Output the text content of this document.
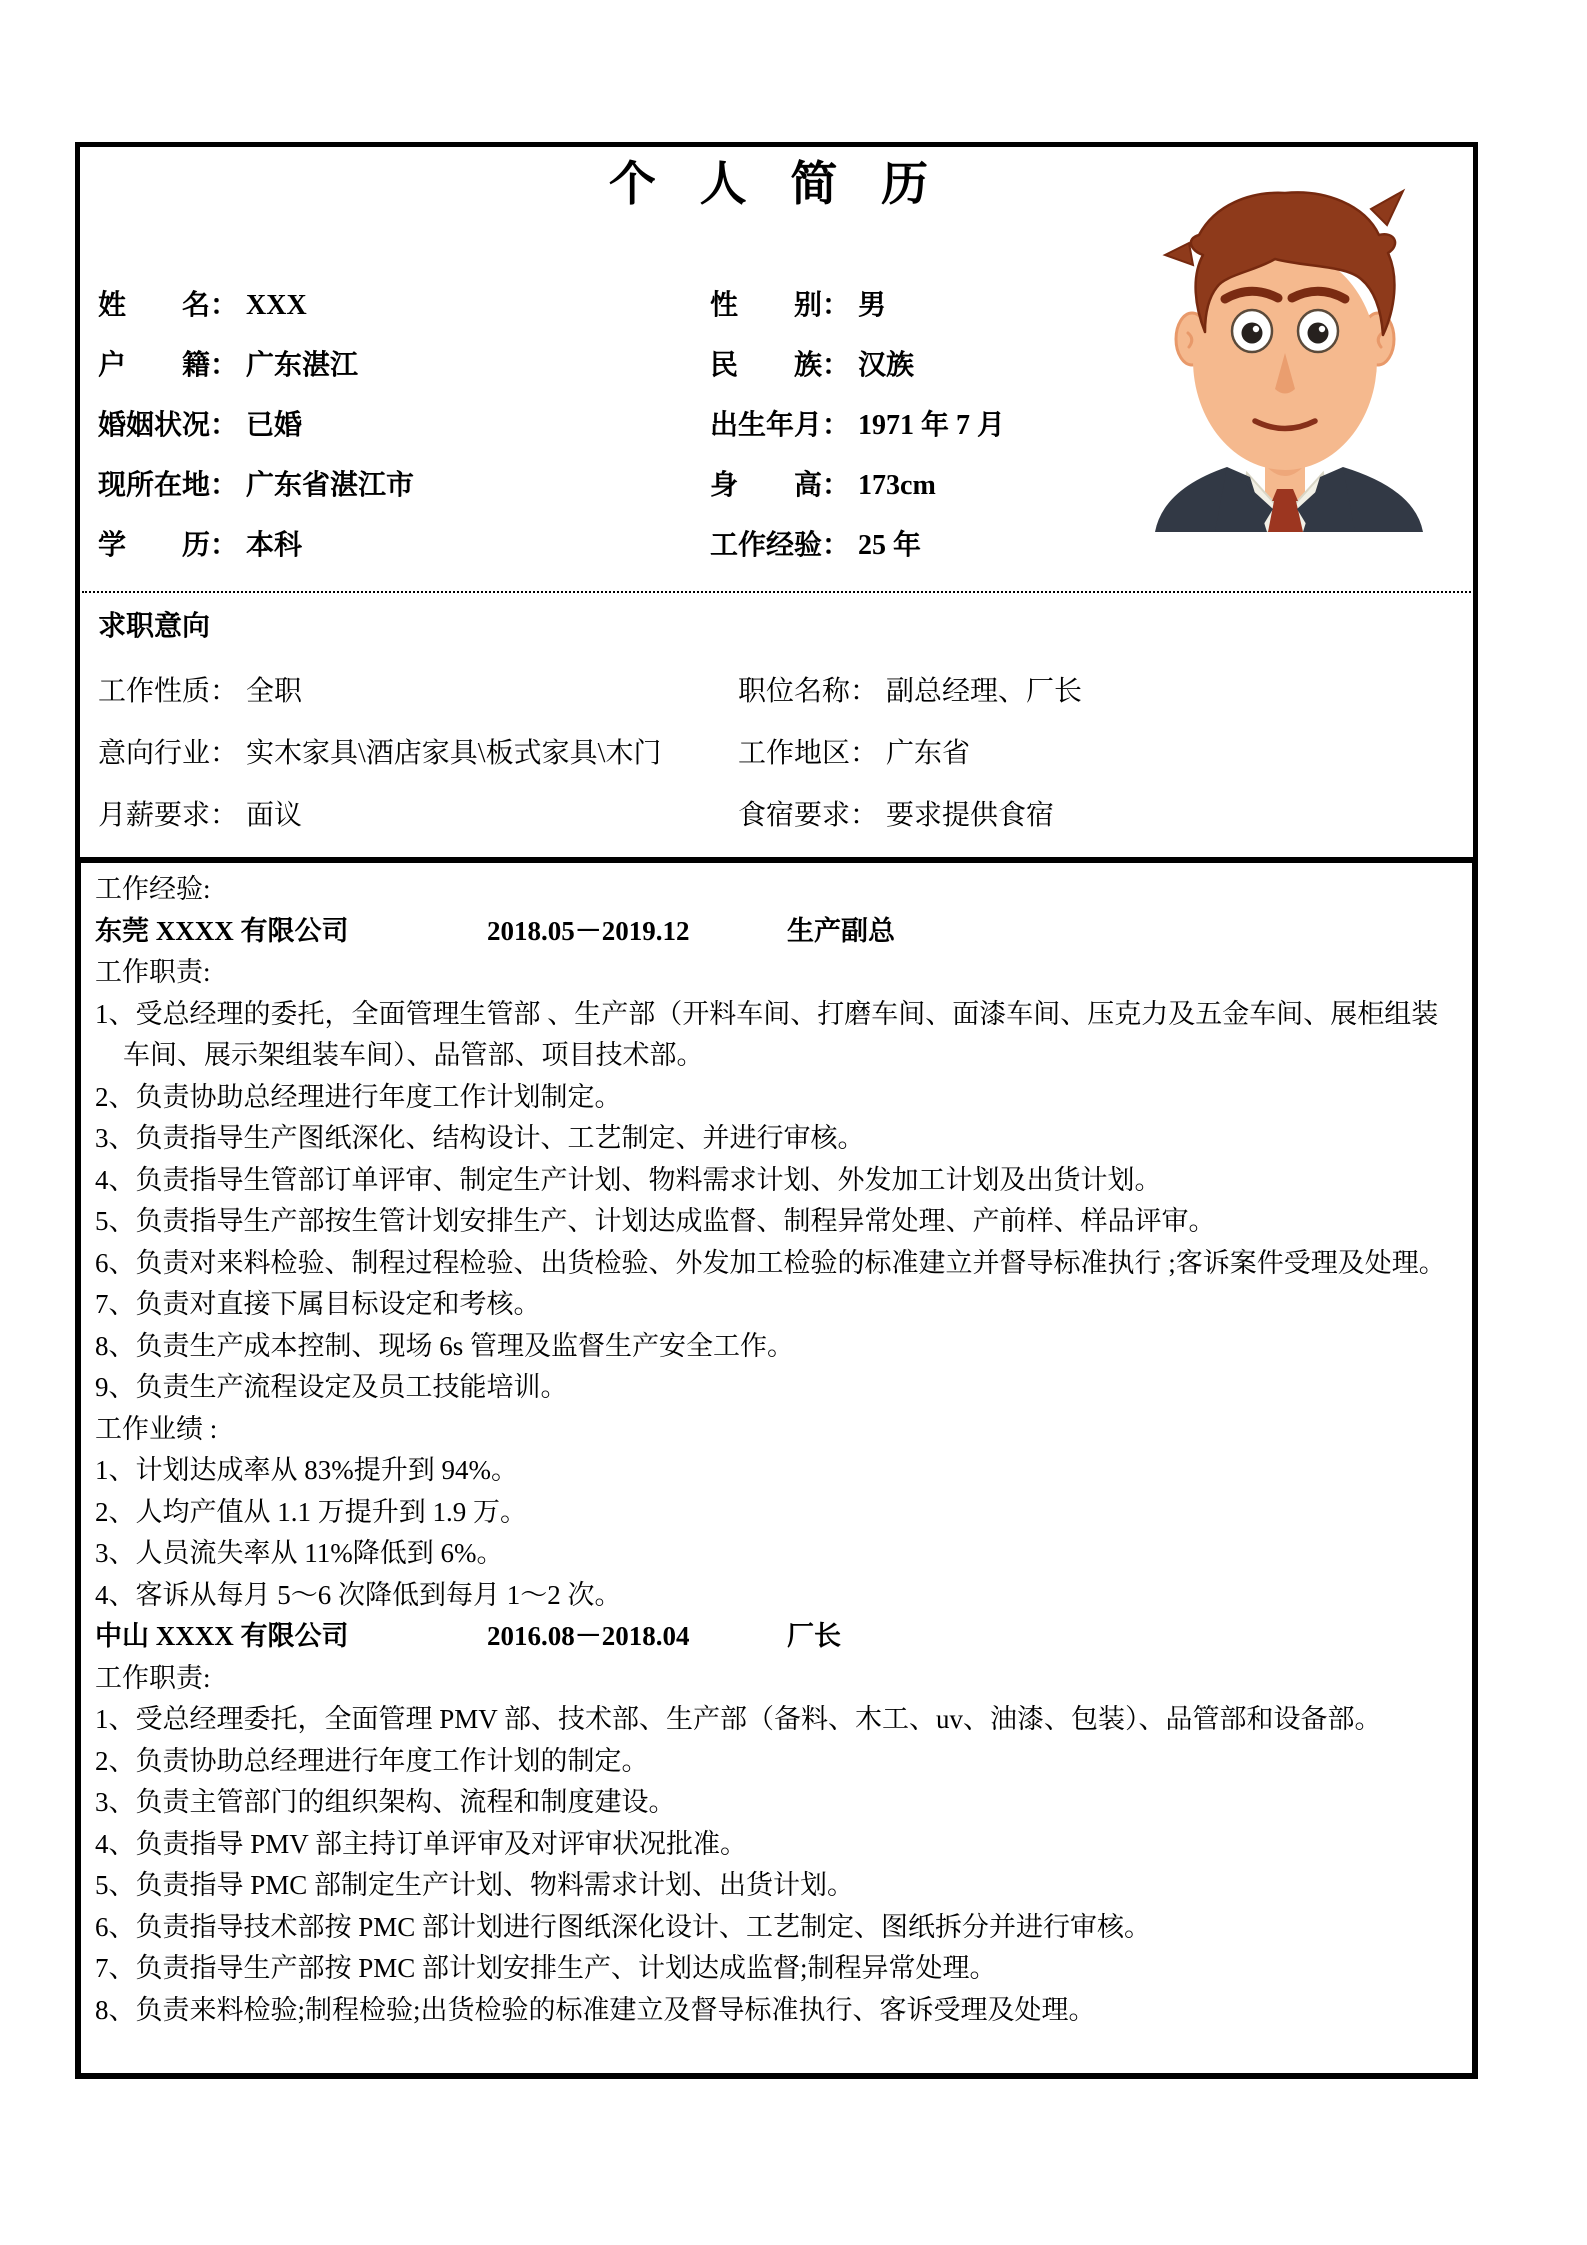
个 人 简 历
姓　　名： XXX	性　　别： 男
户　　籍： 广东湛江	民　　族： 汉族
婚姻状况： 已婚	出生年月： 1971 年 7 月
现所在地： 广东省湛江市	身　　高： 173cm
学　　历： 本科	工作经验： 25 年
求职意向
工作性质： 全职	职位名称： 副总经理、厂长
意向行业： 实木家具\酒店家具\板式家具\木门	工作地区： 广东省
月薪要求： 面议	食宿要求： 要求提供食宿

工作经验:

东莞 XXXX 有限公司	2018.05－2019.12	生产副总

工作职责:

1、受总经理的委托，全面管理生管部 、生产部（开料车间、打磨车间、面漆车间、压克力及五金车间、展柜组装车间、展示架组装车间）、品管部、项目技术部。

2、负责协助总经理进行年度工作计划制定。

3、负责指导生产图纸深化、结构设计、工艺制定、并进行审核。

4、负责指导生管部订单评审、制定生产计划、物料需求计划、外发加工计划及出货计划。

5、负责指导生产部按生管计划安排生产、计划达成监督、制程异常处理、产前样、样品评审。

6、负责对来料检验、制程过程检验、出货检验、外发加工检验的标准建立并督导标准执行 ;客诉案件受理及处理。

7、负责对直接下属目标设定和考核。

8、负责生产成本控制、现场 6s 管理及监督生产安全工作。

9、负责生产流程设定及员工技能培训。

工作业绩 :

1、计划达成率从 83%提升到 94%。

2、人均产值从 1.1 万提升到 1.9 万。

3、人员流失率从 11%降低到 6%。

4、客诉从每月 5～6 次降低到每月 1～2 次。

中山 XXXX 有限公司	2016.08－2018.04	厂长

工作职责:

1、受总经理委托，全面管理 PMV 部、技术部、生产部（备料、木工、uv、油漆、包装）、品管部和设备部。

2、负责协助总经理进行年度工作计划的制定。

3、负责主管部门的组织架构、流程和制度建设。

4、负责指导 PMV 部主持订单评审及对评审状况批准。

5、负责指导 PMC 部制定生产计划、物料需求计划、出货计划。

6、负责指导技术部按 PMC 部计划进行图纸深化设计、工艺制定、图纸拆分并进行审核。

7、负责指导生产部按 PMC 部计划安排生产、计划达成监督;制程异常处理。

8、负责来料检验;制程检验;出货检验的标准建立及督导标准执行、客诉受理及处理。
